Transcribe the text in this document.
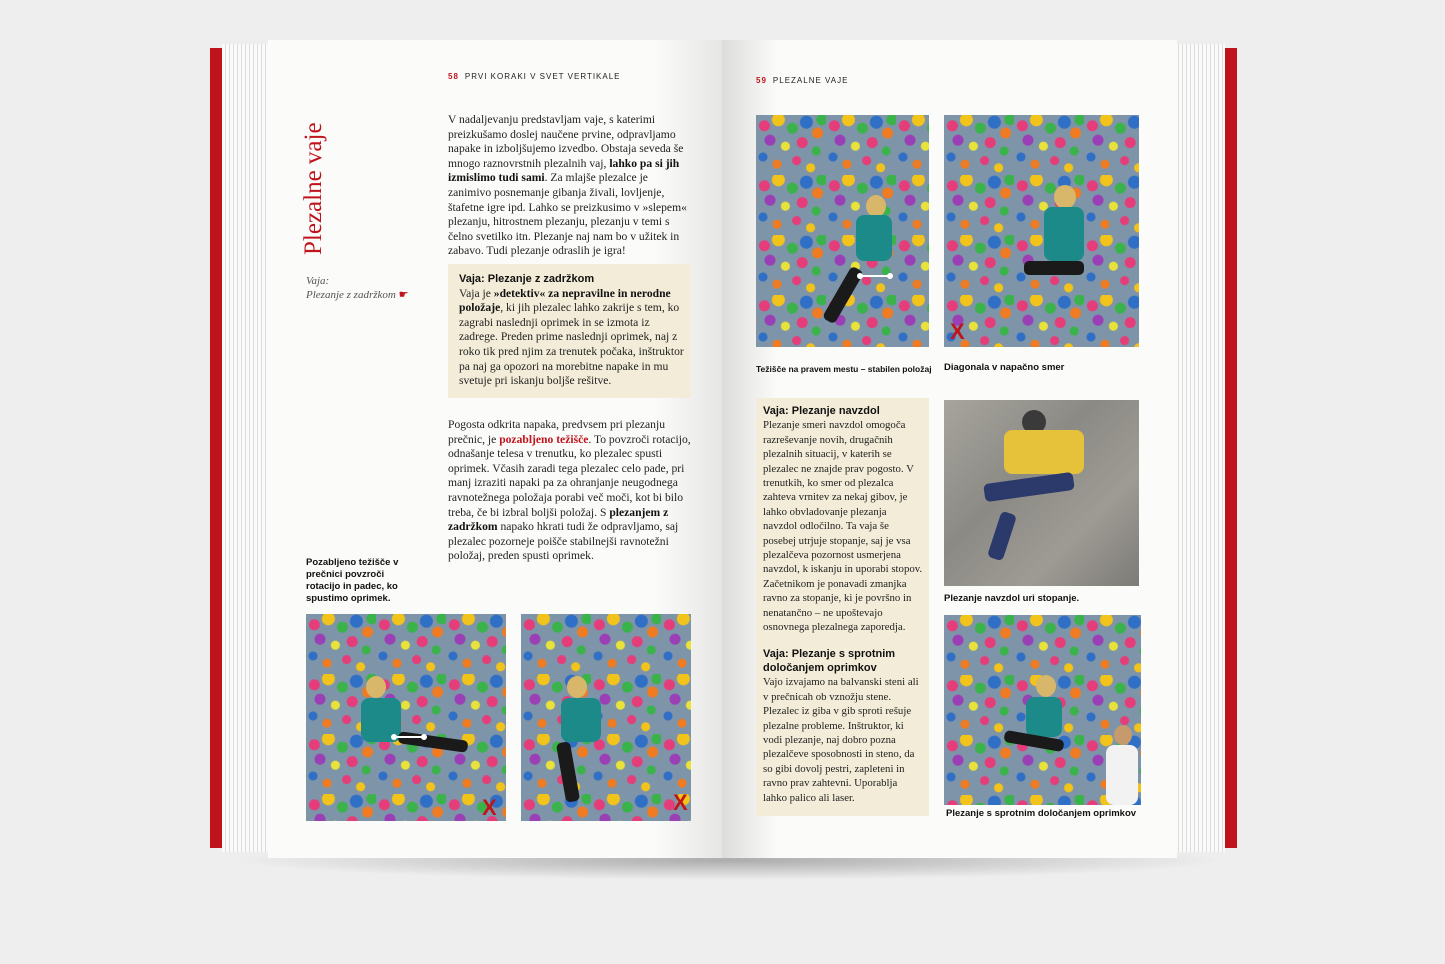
58 PRVI KORAKI V SVET VERTIKALE
Plezalne vaje
Vaja:
Plezanje z zadržkom ☛
V nadaljevanju predstavljam vaje, s katerimi preizkušamo doslej naučene prvine, odpravljamo napake in izboljšujemo izvedbo. Obstaja seveda še mnogo raznovrstnih plezalnih vaj, lahko pa si jih izmislimo tudi sami. Za mlajše plezalce je zanimivo posnemanje gibanja živali, lovljenje, štafetne igre ipd. Lahko se preizkusimo v »slepem« plezanju, hitrostnem plezanju, plezanju v temi s čelno svetilko itn. Plezanje naj nam bo v užitek in zabavo. Tudi plezanje odraslih je igra!
Vaja: Plezanje z zadržkom
Vaja je »detektiv« za nepravilne in nerodne položaje, ki jih plezalec lahko zakrije s tem, ko zagrabi naslednji oprimek in se izmota iz zadrege. Preden prime naslednji oprimek, naj z roko tik pred njim za trenutek počaka, inštruktor pa naj ga opozori na morebitne napake in mu svetuje pri iskanju boljše rešitve.
Pogosta odkrita napaka, predvsem pri plezanju prečnic, je pozabljeno težišče. To povzroči rotacijo, odnašanje telesa v trenutku, ko plezalec spusti oprimek. Včasih zaradi tega plezalec celo pade, pri manj izraziti napaki pa za ohranjanje neugodnega ravnotežnega položaja porabi več moči, kot bi bilo treba, če bi izbral boljši položaj. S plezanjem z zadržkom napako hkrati tudi že odpravljamo, saj plezalec pozorneje poišče stabilnejši ravnotežni položaj, preden spusti oprimek.
Pozabljeno težišče v prečnici povzroči rotacijo in padec, ko spustimo oprimek.
X	X
59 PLEZALNE VAJE
X
Težišče na pravem mestu – stabilen položaj	Diagonala v napačno smer
Vaja: Plezanje navzdol
Plezanje smeri navzdol omogoča razreševanje novih, drugačnih plezalnih situacij, v katerih se plezalec ne znajde prav pogosto. V trenutkih, ko smer od plezalca zahteva vrnitev za nekaj gibov, je lahko obvladovanje plezanja navzdol odločilno. Ta vaja še posebej utrjuje stopanje, saj je vsa plezalčeva pozornost usmerjena navzdol, k iskanju in uporabi stopov. Začetnikom je ponavadi zmanjka ravno za stopanje, ki je površno in nenatančno – ne upoštevajo osnovnega plezalnega zaporedja.
Vaja: Plezanje s sprotnim določanjem oprimkov
Vajo izvajamo na balvanski steni ali v prečnicah ob vznožju stene. Plezalec iz giba v gib sproti rešuje plezalne probleme. Inštruktor, ki vodi plezanje, naj dobro pozna plezalčeve sposobnosti in steno, da so gibi dovolj pestri, zapleteni in ravno prav zahtevni. Uporablja lahko palico ali laser.
Plezanje navzdol uri stopanje.
Plezanje s sprotnim določanjem oprimkov
